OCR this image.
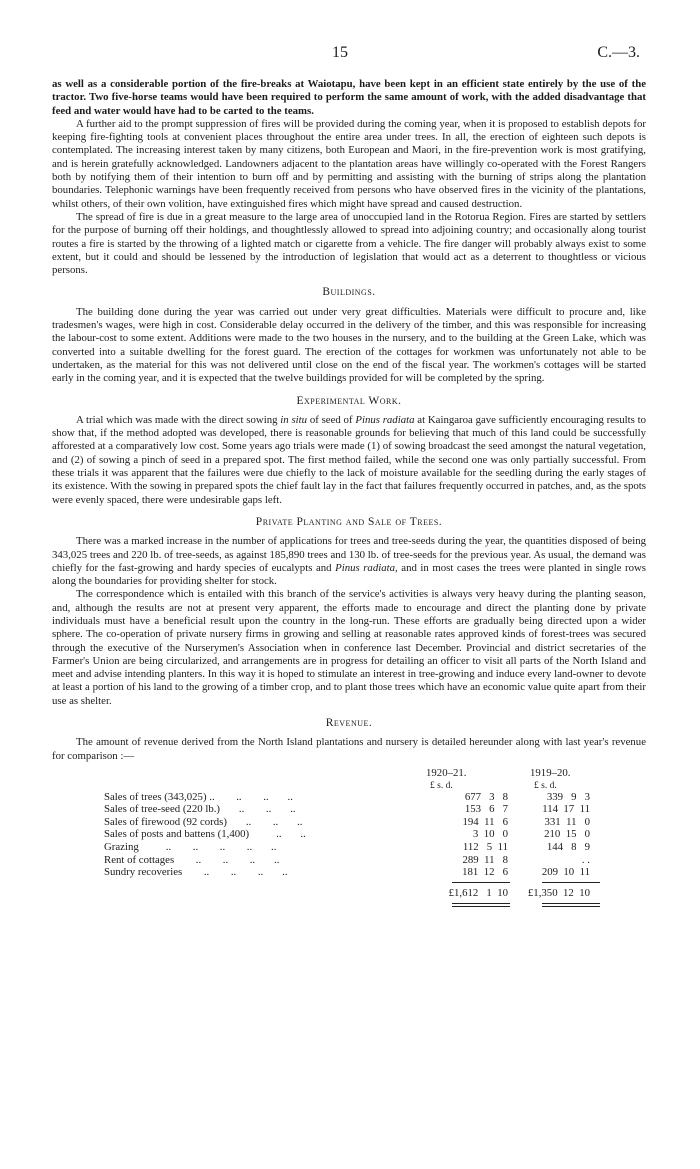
15	C.—3.

as well as a considerable portion of the fire-breaks at Waiotapu, have been kept in an efficient state entirely by the use of the tractor. Two five-horse teams would have been required to perform the same amount of work, with the added disadvantage that feed and water would have had to be carted to the teams.

A further aid to the prompt suppression of fires will be provided during the coming year, when it is proposed to establish depots for keeping fire-fighting tools at convenient places throughout the entire area under trees. In all, the erection of eighteen such depots is contemplated. The increasing interest taken by many citizens, both European and Maori, in the fire-prevention work is most gratifying, and is herein gratefully acknowledged. Landowners adjacent to the plantation areas have willingly co-operated with the Forest Rangers both by notifying them of their intention to burn off and by permitting and assisting with the burning of strips along the plantation boundaries. Telephonic warnings have been frequently received from persons who have observed fires in the vicinity of the plantations, whilst others, of their own volition, have extinguished fires which might have spread and caused destruction.

The spread of fire is due in a great measure to the large area of unoccupied land in the Rotorua Region. Fires are started by settlers for the purpose of burning off their holdings, and thoughtlessly allowed to spread into adjoining country; and occasionally along tourist routes a fire is started by the throwing of a lighted match or cigarette from a vehicle. The fire danger will probably always exist to some extent, but it could and should be lessened by the introduction of legislation that would act as a deterrent to thoughtless or vicious persons.

Buildings.

The building done during the year was carried out under very great difficulties. Materials were difficult to procure and, like tradesmen's wages, were high in cost. Considerable delay occurred in the delivery of the timber, and this was responsible for increasing the labour-cost to some extent. Additions were made to the two houses in the nursery, and to the building at the Green Lake, which was converted into a suitable dwelling for the forest guard. The erection of the cottages for workmen was unfortunately not able to be undertaken, as the material for this was not delivered until close on the end of the fiscal year. The workmen's cottages will be started early in the coming year, and it is expected that the twelve buildings provided for will be completed by the spring.

Experimental Work.

A trial which was made with the direct sowing in situ of seed of Pinus radiata at Kaingaroa gave sufficiently encouraging results to show that, if the method adopted was developed, there is reasonable grounds for believing that much of this land could be successfully afforested at a comparatively low cost. Some years ago trials were made (1) of sowing broadcast the seed amongst the natural vegetation, and (2) of sowing a pinch of seed in a prepared spot. The first method failed, while the second one was only partially successful. From these trials it was apparent that the failures were due chiefly to the lack of moisture available for the seedling during the early stages of its existence. With the sowing in prepared spots the chief fault lay in the fact that failures frequently occurred in patches, and, as the spots were evenly spaced, there were undesirable gaps left.

Private Planting and Sale of Trees.

There was a marked increase in the number of applications for trees and tree-seeds during the year, the quantities disposed of being 343,025 trees and 220 lb. of tree-seeds, as against 185,890 trees and 130 lb. of tree-seeds for the previous year. As usual, the demand was chiefly for the fast-growing and hardy species of eucalypts and Pinus radiata, and in most cases the trees were planted in single rows along the boundaries for providing shelter for stock.

The correspondence which is entailed with this branch of the service's activities is always very heavy during the planting season, and, although the results are not at present very apparent, the efforts made to encourage and direct the planting done by private individuals must have a beneficial result upon the country in the long-run. These efforts are gradually being directed upon a wider sphere. The co-operation of private nursery firms in growing and selling at reasonable rates approved kinds of forest-trees was secured through the executive of the Nurserymen's Association when in conference last December. Provincial and district secretaries of the Farmer's Union are being circularized, and arrangements are in progress for detailing an officer to visit all parts of the North Island and meet and advise intending planters. In this way it is hoped to stimulate an interest in tree-growing and induce every land-owner to devote at least a portion of his land to the growing of a timber crop, and to plant those trees which have an economic value quite apart from their use as shelter.

Revenue.

The amount of revenue derived from the North Island plantations and nursery is detailed hereunder along with last year's revenue for comparison :—

1920–21.	1919–20.
£ s. d.	£ s. d.
Sales of trees (343,025) ..        ..        ..       ..	677   3   8	339   9   3
Sales of tree-seed (220 lb.)       ..        ..       ..	153   6   7	114  17  11
Sales of firewood (92 cords)       ..        ..       ..	194  11   6	331  11   0
Sales of posts and battens (1,400)          ..       ..	3  10   0	210  15   0
Grazing          ..        ..        ..        ..       ..	112   5  11	144   8   9
Rent of cottages        ..        ..        ..       ..	289  11   8	. .
Sundry recoveries        ..        ..        ..       ..	181  12   6	209  10  11
£1,612   1  10	£1,350  12  10
